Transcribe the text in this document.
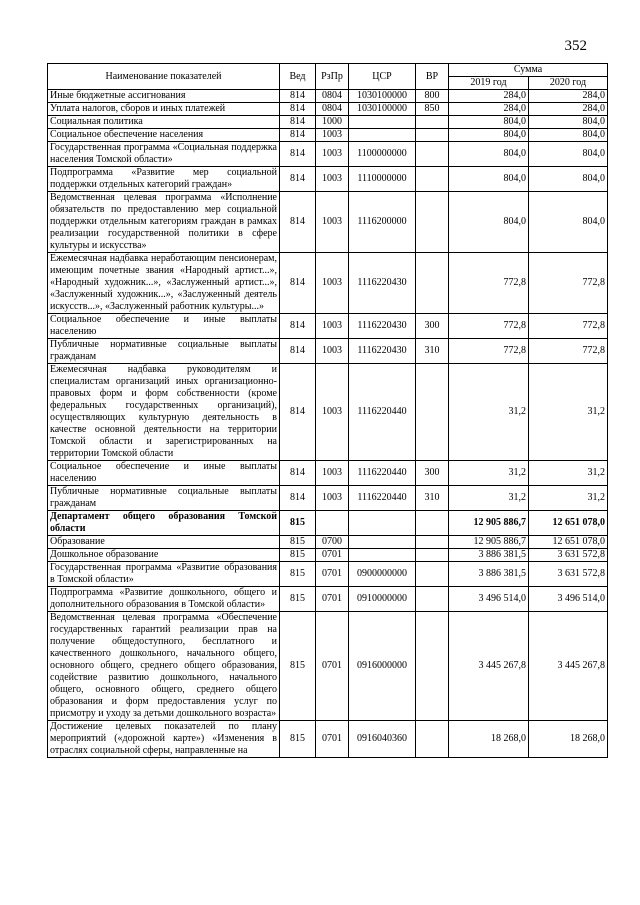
352
Наименование показателей	Вед	РзПр	ЦСР	ВР	Сумма	
					2019 год	2020 год
Иные бюджетные ассигнования	814	0804	1030100000	800	284,0	284,0
Уплата налогов, сборов и иных платежей	814	0804	1030100000	850	284,0	284,0
Социальная политика	814	1000			804,0	804,0
Социальное обеспечение населения	814	1003			804,0	804,0
Государственная программа «Социальная поддержка населения Томской области»	814	1003	1100000000		804,0	804,0
Подпрограмма «Развитие мер социальной поддержки отдельных категорий граждан»	814	1003	1110000000		804,0	804,0
Ведомственная целевая программа «Исполнение обязательств по предоставлению мер социальной поддержки отдельным категориям граждан в рамках реализации государственной политики в сфере культуры и искусства»	814	1003	1116200000		804,0	804,0
Ежемесячная надбавка неработающим пенсионерам, имеющим почетные звания «Народный артист...», «Народный художник...», «Заслуженный артист...», «Заслуженный художник...», «Заслуженный деятель искусств...», «Заслуженный работник культуры...»	814	1003	1116220430		772,8	772,8
Социальное обеспечение и иные выплаты населению	814	1003	1116220430	300	772,8	772,8
Публичные нормативные социальные выплаты гражданам	814	1003	1116220430	310	772,8	772,8
Ежемесячная надбавка руководителям и специалистам организаций иных организационно-правовых форм и форм собственности (кроме федеральных государственных организаций), осуществляющих культурную деятельность в качестве основной деятельности на территории Томской области и зарегистрированных на территории Томской области	814	1003	1116220440		31,2	31,2
Социальное обеспечение и иные выплаты населению	814	1003	1116220440	300	31,2	31,2
Публичные нормативные социальные выплаты гражданам	814	1003	1116220440	310	31,2	31,2
Департамент общего образования Томской области	815				12 905 886,7	12 651 078,0
Образование	815	0700			12 905 886,7	12 651 078,0
Дошкольное образование	815	0701			3 886 381,5	3 631 572,8
Государственная программа «Развитие образования в Томской области»	815	0701	0900000000		3 886 381,5	3 631 572,8
Подпрограмма «Развитие дошкольного, общего и дополнительного образования в Томской области»	815	0701	0910000000		3 496 514,0	3 496 514,0
Ведомственная целевая программа «Обеспечение государственных гарантий реализации прав на получение общедоступного, бесплатного и качественного дошкольного, начального общего, основного общего, среднего общего образования, содействие развитию дошкольного, начального общего, основного общего, среднего общего образования и форм предоставления услуг по присмотру и уходу за детьми дошкольного возраста»	815	0701	0916000000		3 445 267,8	3 445 267,8
Достижение целевых показателей по плану мероприятий («дорожной карте») «Изменения в отраслях социальной сферы, направленные на	815	0701	0916040360		18 268,0	18 268,0
